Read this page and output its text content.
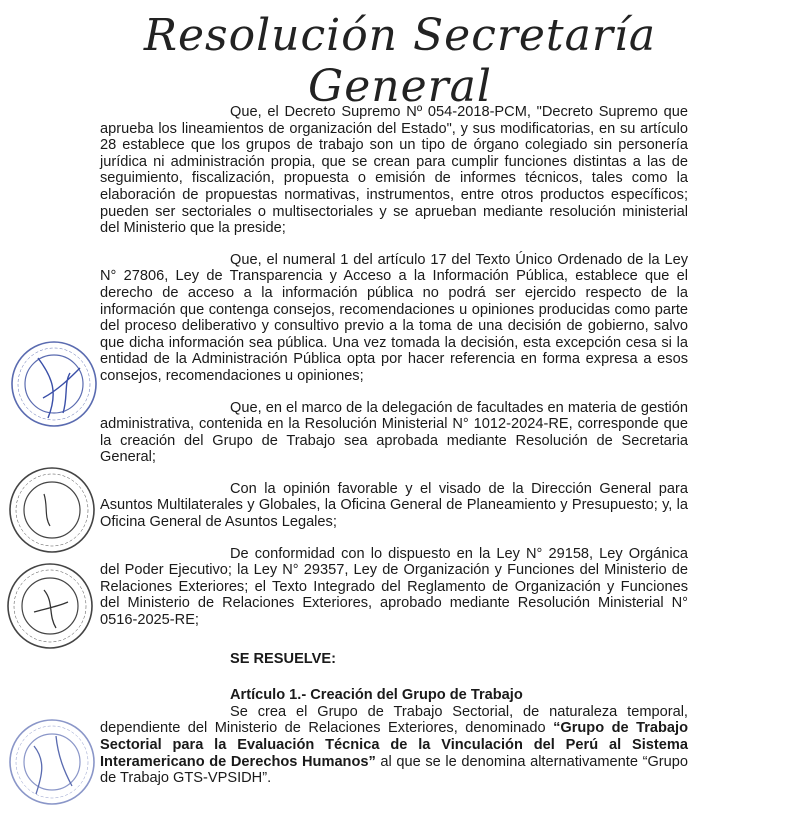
Resolución Secretaría General

Que, el Decreto Supremo Nº 054-2018-PCM, "Decreto Supremo que aprueba los lineamientos de organización del Estado", y sus modificatorias, en su artículo 28 establece que los grupos de trabajo son un tipo de órgano colegiado sin personería jurídica ni administración propia, que se crean para cumplir funciones distintas a las de seguimiento, fiscalización, propuesta o emisión de informes técnicos, tales como la elaboración de propuestas normativas, instrumentos, entre otros productos específicos; pueden ser sectoriales o multisectoriales y se aprueban mediante resolución ministerial del Ministerio que la preside;

Que, el numeral 1 del artículo 17 del Texto Único Ordenado de la Ley N° 27806, Ley de Transparencia y Acceso a la Información Pública, establece que el derecho de acceso a la información pública no podrá ser ejercido respecto de la información que contenga consejos, recomendaciones u opiniones producidas como parte del proceso deliberativo y consultivo previo a la toma de una decisión de gobierno, salvo que dicha información sea pública. Una vez tomada la decisión, esta excepción cesa si la entidad de la Administración Pública opta por hacer referencia en forma expresa a esos consejos, recomendaciones u opiniones;

Que, en el marco de la delegación de facultades en materia de gestión administrativa, contenida en la Resolución Ministerial N° 1012-2024-RE, corresponde que la creación del Grupo de Trabajo sea aprobada mediante Resolución de Secretaria General;

Con la opinión favorable y el visado de la Dirección General para Asuntos Multilaterales y Globales, la Oficina General de Planeamiento y Presupuesto; y, la Oficina General de Asuntos Legales;

De conformidad con lo dispuesto en la Ley N° 29158, Ley Orgánica del Poder Ejecutivo; la Ley N° 29357, Ley de Organización y Funciones del Ministerio de Relaciones Exteriores; el Texto Integrado del Reglamento de Organización y Funciones del Ministerio de Relaciones Exteriores, aprobado mediante Resolución Ministerial N° 0516-2025-RE;

SE RESUELVE:

Artículo 1.- Creación del Grupo de Trabajo

Se crea el Grupo de Trabajo Sectorial, de naturaleza temporal, dependiente del Ministerio de Relaciones Exteriores, denominado “Grupo de Trabajo Sectorial para la Evaluación Técnica de la Vinculación del Perú al Sistema Interamericano de Derechos Humanos” al que se le denomina alternativamente “Grupo de Trabajo GTS-VPSIDH”.
